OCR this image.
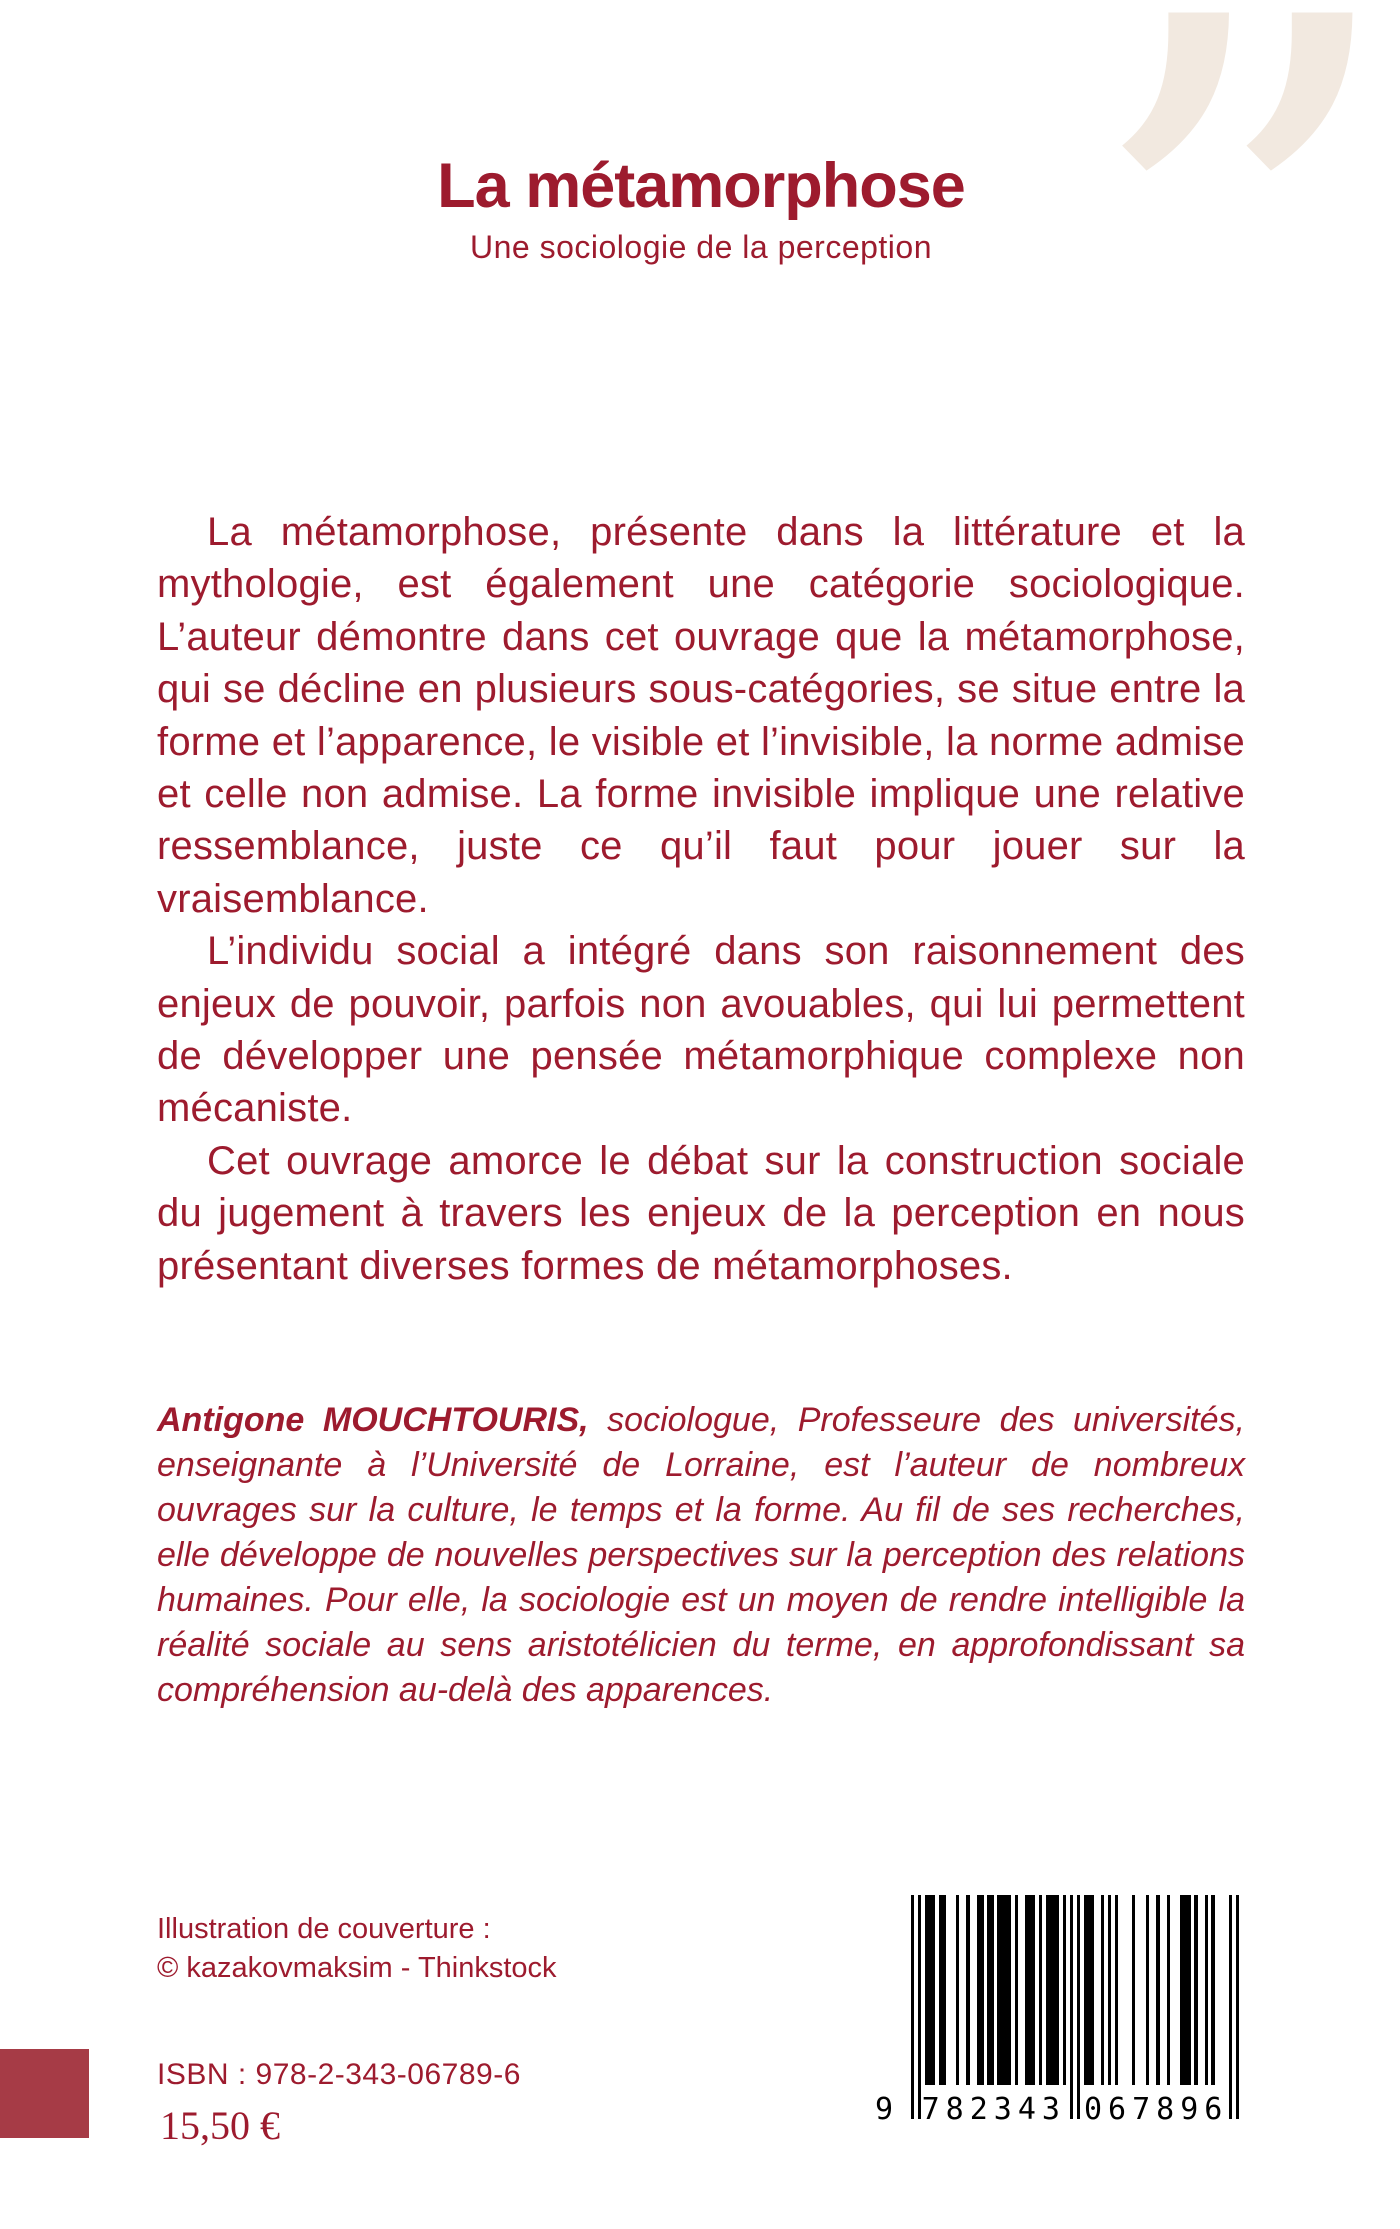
”
La métamorphose
Une sociologie de la perception

La métamorphose, présente dans la littérature et la mythologie, est également une catégorie sociologique. L’auteur démontre dans cet ouvrage que la métamorphose, qui se décline en plusieurs sous-catégories, se situe entre la forme et l’apparence, le visible et l’invisible, la norme admise et celle non admise. La forme invisible implique une relative ressemblance, juste ce qu’il faut pour jouer sur la vraisemblance.

L’individu social a intégré dans son raisonnement des enjeux de pouvoir, parfois non avouables, qui lui permettent de développer une pensée métamorphique complexe non mécaniste.

Cet ouvrage amorce le débat sur la construction sociale du jugement à travers les enjeux de la perception en nous présentant diverses formes de métamorphoses.

Antigone MOUCHTOURIS, sociologue, Professeure des universités, enseignante à l’Université de Lorraine, est l’auteur de nombreux ouvrages sur la culture, le temps et la forme. Au fil de ses recherches, elle développe de nouvelles perspectives sur la perception des relations humaines. Pour elle, la sociologie est un moyen de rendre intelligible la réalité sociale au sens aristotélicien du terme, en approfondissant sa compréhension au-delà des apparences.

Illustration de couverture :
© kazakovmaksim - Thinkstock
ISBN : 978-2-343-06789-6
15,50 €	9 782343 067896
